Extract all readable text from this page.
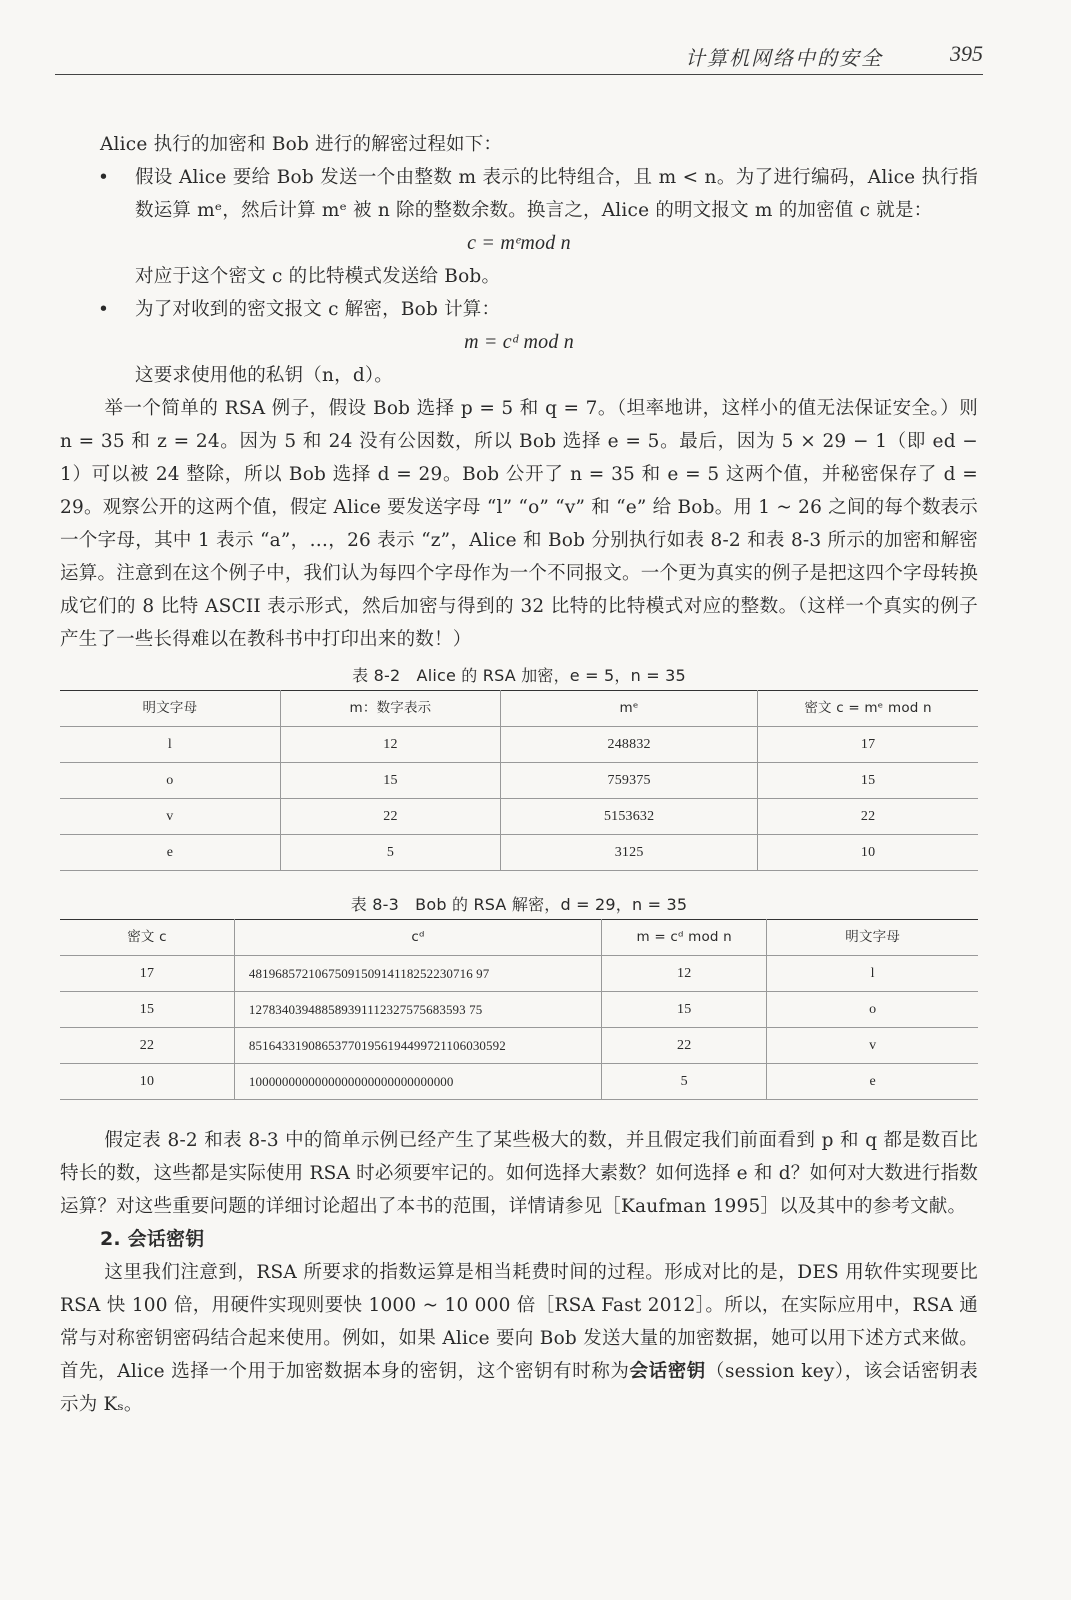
计算机网络中的安全	395

Alice 执行的加密和 Bob 进行的解密过程如下：

• 假设 Alice 要给 Bob 发送一个由整数 m 表示的比特组合，且 m < n。为了进行编码，Alice 执行指数运算 mᵉ，然后计算 mᵉ 被 n 除的整数余数。换言之，Alice 的明文报文 m 的加密值 c 就是：

c = mᵉmod n

对应于这个密文 c 的比特模式发送给 Bob。

• 为了对收到的密文报文 c 解密，Bob 计算：

m = cᵈ mod n

这要求使用他的私钥（n，d）。

举一个简单的 RSA 例子，假设 Bob 选择 p = 5 和 q = 7。（坦率地讲，这样小的值无法保证安全。）则 n = 35 和 z = 24。因为 5 和 24 没有公因数，所以 Bob 选择 e = 5。最后，因为 5 × 29 − 1（即 ed − 1）可以被 24 整除，所以 Bob 选择 d = 29。Bob 公开了 n = 35 和 e = 5 这两个值，并秘密保存了 d = 29。观察公开的这两个值，假定 Alice 要发送字母 “l” “o” “v” 和 “e” 给 Bob。用 1 ~ 26 之间的每个数表示一个字母，其中 1 表示 “a”，…，26 表示 “z”，Alice 和 Bob 分别执行如表 8-2 和表 8-3 所示的加密和解密运算。注意到在这个例子中，我们认为每四个字母作为一个不同报文。一个更为真实的例子是把这四个字母转换成它们的 8 比特 ASCII 表示形式，然后加密与得到的 32 比特的比特模式对应的整数。（这样一个真实的例子产生了一些长得难以在教科书中打印出来的数！）

表 8-2　Alice 的 RSA 加密，e = 5，n = 35
明文字母	m：数字表示	mᵉ	密文 c = mᵉ mod n
l	12	248832	17
o	15	759375	15
v	22	5153632	22
e	5	3125	10
表 8-3　Bob 的 RSA 解密，d = 29，n = 35
密文 c	cᵈ	m = cᵈ mod n	明文字母
17	4819685721067509150914118252230716 97	12	l
15	127834039488589391112327575683593 75	15	o
22	851643319086537701956194499721106030592	22	v
10	1000000000000000000000000000000	5	e

假定表 8-2 和表 8-3 中的简单示例已经产生了某些极大的数，并且假定我们前面看到 p 和 q 都是数百比特长的数，这些都是实际使用 RSA 时必须要牢记的。如何选择大素数？如何选择 e 和 d？如何对大数进行指数运算？对这些重要问题的详细讨论超出了本书的范围，详情请参见［Kaufman 1995］以及其中的参考文献。

2. 会话密钥

这里我们注意到，RSA 所要求的指数运算是相当耗费时间的过程。形成对比的是，DES 用软件实现要比 RSA 快 100 倍，用硬件实现则要快 1000 ~ 10 000 倍［RSA Fast 2012］。所以，在实际应用中，RSA 通常与对称密钥密码结合起来使用。例如，如果 Alice 要向 Bob 发送大量的加密数据，她可以用下述方式来做。首先，Alice 选择一个用于加密数据本身的密钥，这个密钥有时称为会话密钥（session key），该会话密钥表示为 Kₛ。
